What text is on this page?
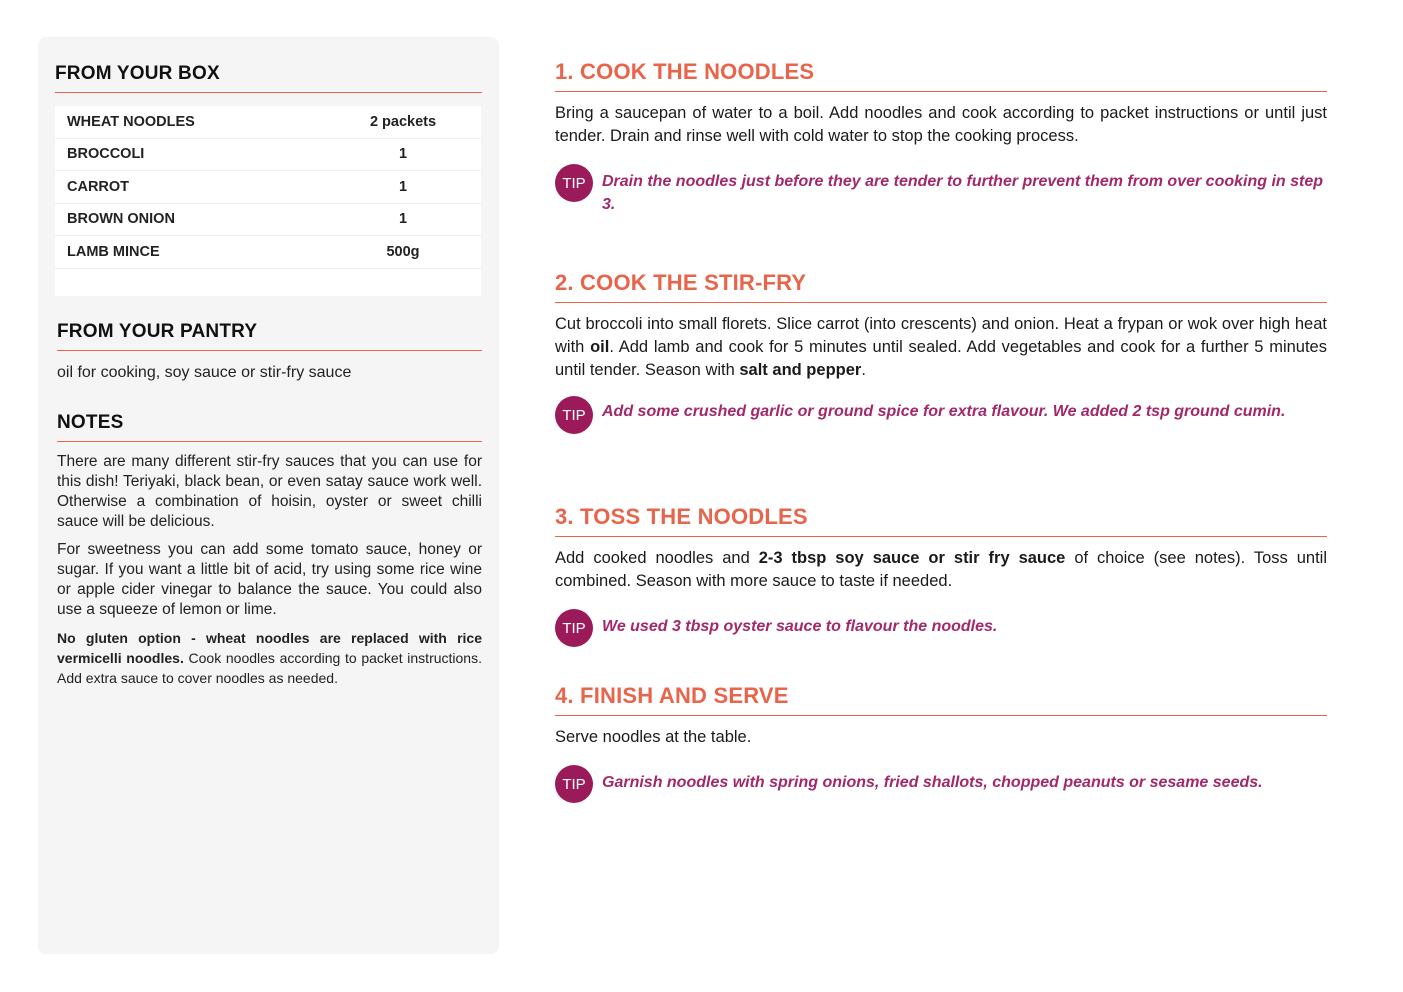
FROM YOUR BOX
WHEAT NOODLES	2 packets
BROCCOLI	1
CARROT	1
BROWN ONION	1
LAMB MINCE	500g
FROM YOUR PANTRY

oil for cooking, soy sauce or stir-fry sauce

NOTES

There are many different stir-fry sauces that you can use for this dish! Teriyaki, black bean, or even satay sauce work well. Otherwise a combination of hoisin, oyster or sweet chilli sauce will be delicious.

For sweetness you can add some tomato sauce, honey or sugar. If you want a little bit of acid, try using some rice wine or apple cider vinegar to balance the sauce. You could also use a squeeze of lemon or lime.

No gluten option - wheat noodles are replaced with rice vermicelli noodles. Cook noodles according to packet instructions. Add extra sauce to cover noodles as needed.

1. COOK THE NOODLES

Bring a saucepan of water to a boil. Add noodles and cook according to packet instructions or until just tender. Drain and rinse well with cold water to stop the cooking process.

TIP	Drain the noodles just before they are tender to further prevent them from over cooking in step 3.
2. COOK THE STIR-FRY

Cut broccoli into small florets. Slice carrot (into crescents) and onion. Heat a frypan or wok over high heat with oil. Add lamb and cook for 5 minutes until sealed. Add vegetables and cook for a further 5 minutes until tender. Season with salt and pepper.

TIP	Add some crushed garlic or ground spice for extra flavour. We added 2 tsp ground cumin.
3. TOSS THE NOODLES

Add cooked noodles and 2-3 tbsp soy sauce or stir fry sauce of choice (see notes). Toss until combined. Season with more sauce to taste if needed.

TIP	We used 3 tbsp oyster sauce to flavour the noodles.
4. FINISH AND SERVE

Serve noodles at the table.

TIP	Garnish noodles with spring onions, fried shallots, chopped peanuts or sesame seeds.
